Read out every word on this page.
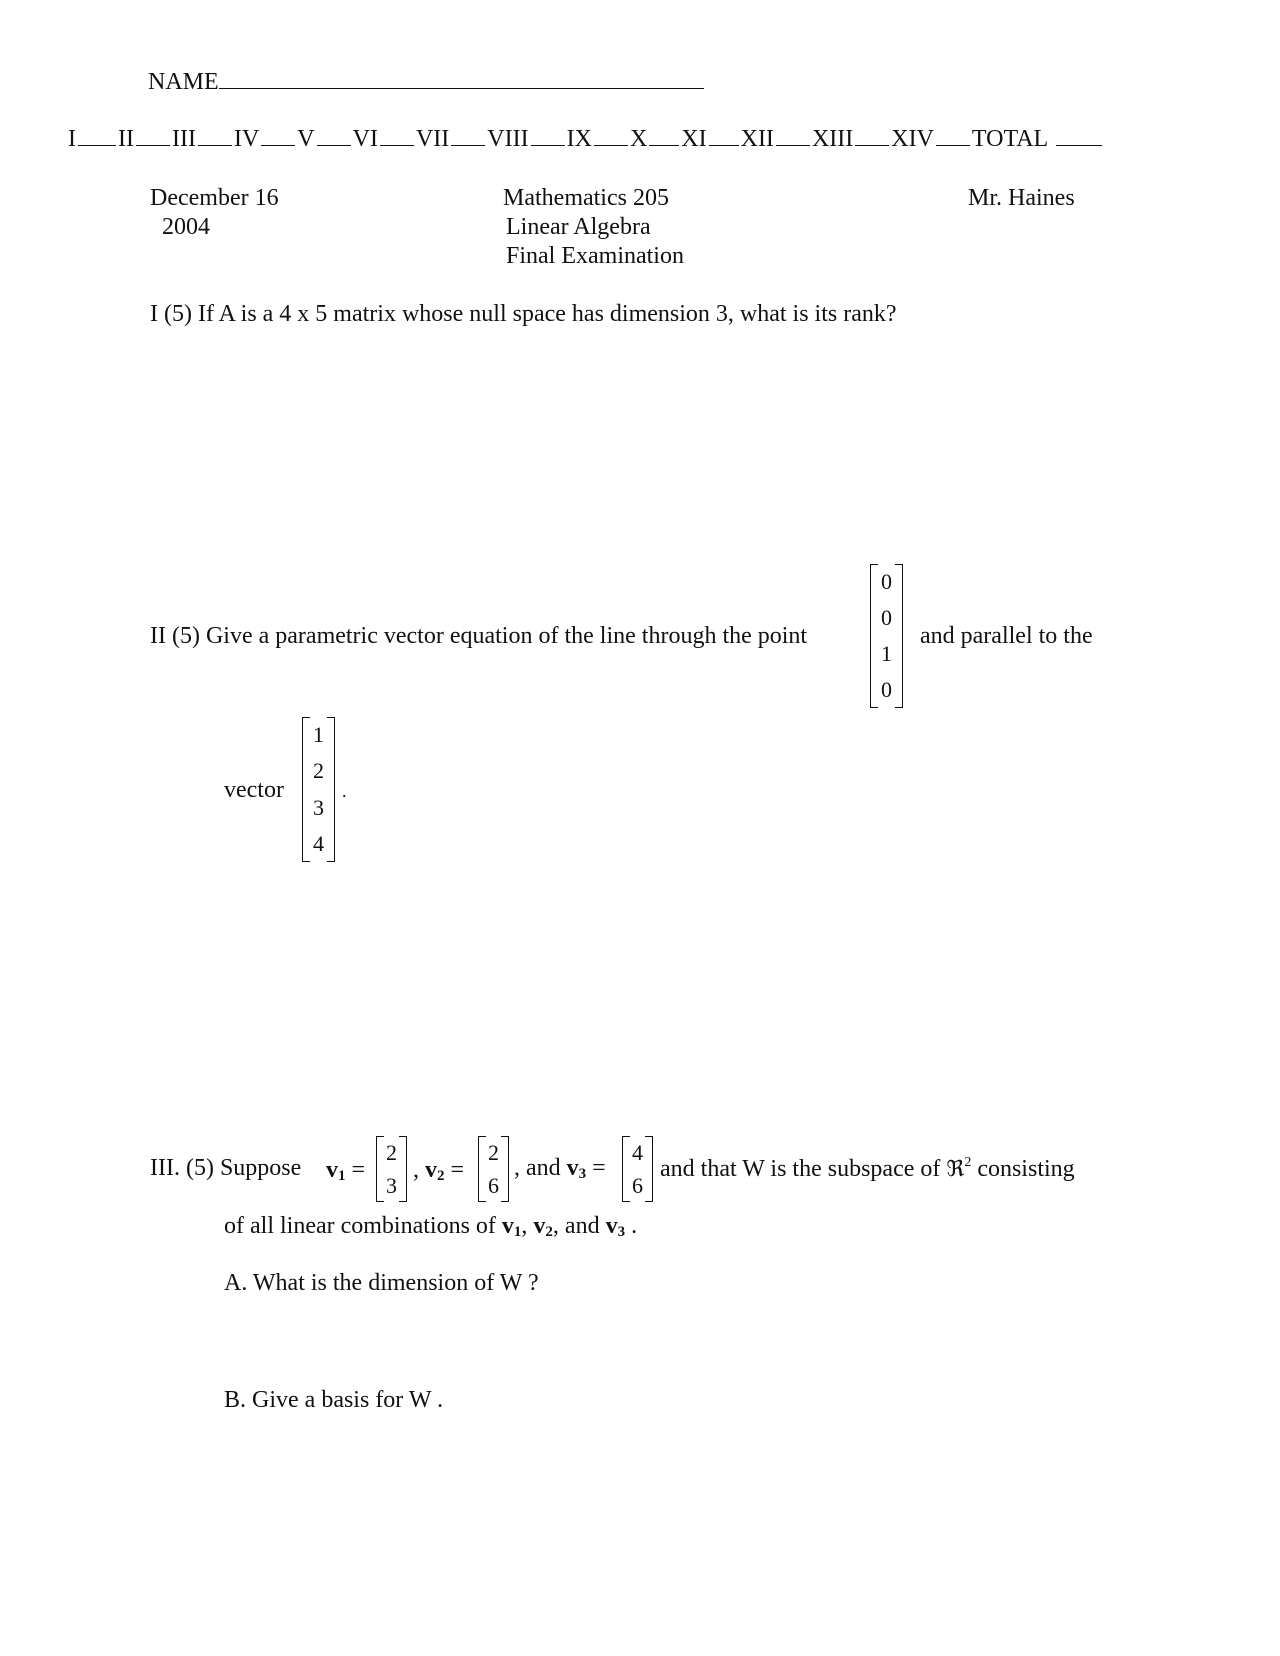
NAME
I II III IV V VI VII VIII IX X XI XII XIII XIV TOTAL
December 16
2004
Mathematics 205
Linear Algebra
Final Examination
Mr. Haines
I (5) If A is a 4 x 5 matrix whose null space has dimension 3, what is its rank?
II (5) Give a parametric vector equation of the line through the point
0
0
1
0
and parallel to the
vector
1
2
3
4
.
III. (5) Suppose $v_1$ =
2
3
, $v_2$ =
2
6
, and $v_3$ =
4
6
and that W is the subspace of ℜ$^2$ consisting
of all linear combinations of $v_1$, $v_2$, and $v_3$ .
A. What is the dimension of W ?
B. Give a basis for W .
